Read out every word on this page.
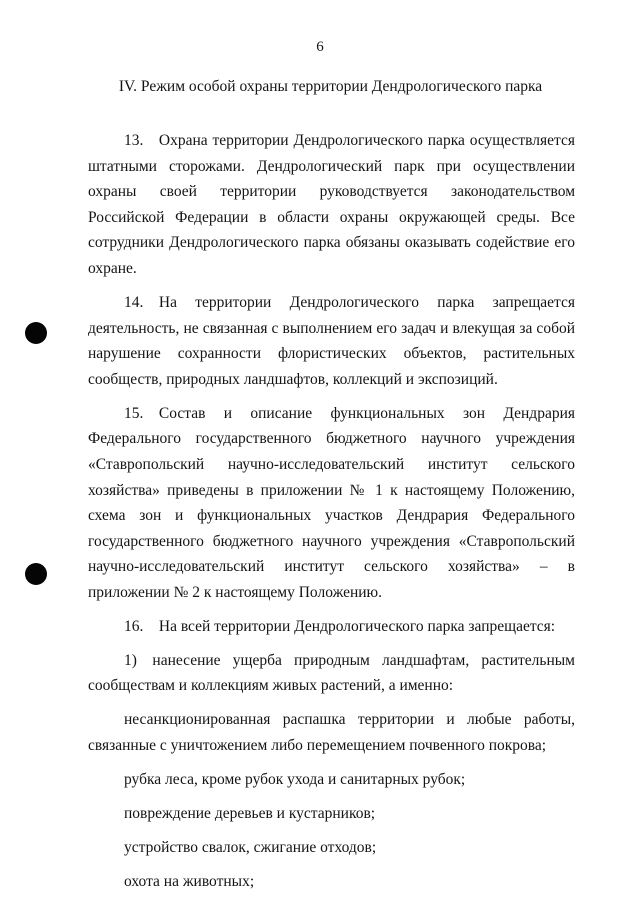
6
IV. Режим особой охраны территории Дендрологического парка

13. Охрана территории Дендрологического парка осуществляется штатными сторожами. Дендрологический парк при осуществлении охраны своей территории руководствуется законодательством Российской Федерации в области охраны окружающей среды. Все сотрудники Дендрологического парка обязаны оказывать содействие его охране.

14. На территории Дендрологического парка запрещается деятельность, не связанная с выполнением его задач и влекущая за собой нарушение сохранности флористических объектов, растительных сообществ, природных ландшафтов, коллекций и экспозиций.

15. Состав и описание функциональных зон Дендрария Федерального государственного бюджетного научного учреждения «Ставропольский научно-исследовательский институт сельского хозяйства» приведены в приложении № 1 к настоящему Положению, схема зон и функциональных участков Дендрария Федерального государственного бюджетного научного учреждения «Ставропольский научно-исследовательский институт сельского хозяйства» – в приложении № 2 к настоящему Положению.

16. На всей территории Дендрологического парка запрещается:

1) нанесение ущерба природным ландшафтам, растительным сообществам и коллекциям живых растений, а именно:

несанкционированная распашка территории и любые работы, связанные с уничтожением либо перемещением почвенного покрова;

рубка леса, кроме рубок ухода и санитарных рубок;

повреждение деревьев и кустарников;

устройство свалок, сжигание отходов;

охота на животных;
